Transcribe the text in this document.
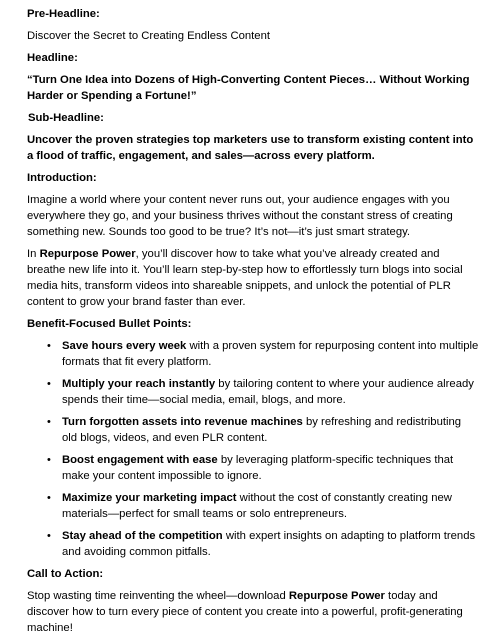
Pre-Headline:

Discover the Secret to Creating Endless Content

Headline:

“Turn One Idea into Dozens of High-Converting Content Pieces… Without Working Harder or Spending a Fortune!”

Sub-Headline:

Uncover the proven strategies top marketers use to transform existing content into a flood of traffic, engagement, and sales—across every platform.

Introduction:

Imagine a world where your content never runs out, your audience engages with you everywhere they go, and your business thrives without the constant stress of creating something new. Sounds too good to be true? It’s not—it’s just smart strategy.

In Repurpose Power, you’ll discover how to take what you’ve already created and breathe new life into it. You’ll learn step-by-step how to effortlessly turn blogs into social media hits, transform videos into shareable snippets, and unlock the potential of PLR content to grow your brand faster than ever.

Benefit-Focused Bullet Points:

• Save hours every week with a proven system for repurposing content into multiple formats that fit every platform.
• Multiply your reach instantly by tailoring content to where your audience already spends their time—social media, email, blogs, and more.
• Turn forgotten assets into revenue machines by refreshing and redistributing old blogs, videos, and even PLR content.
• Boost engagement with ease by leveraging platform-specific techniques that make your content impossible to ignore.
• Maximize your marketing impact without the cost of constantly creating new materials—perfect for small teams or solo entrepreneurs.
• Stay ahead of the competition with expert insights on adapting to platform trends and avoiding common pitfalls.

Call to Action:

Stop wasting time reinventing the wheel—download Repurpose Power today and discover how to turn every piece of content you create into a powerful, profit-generating machine!
